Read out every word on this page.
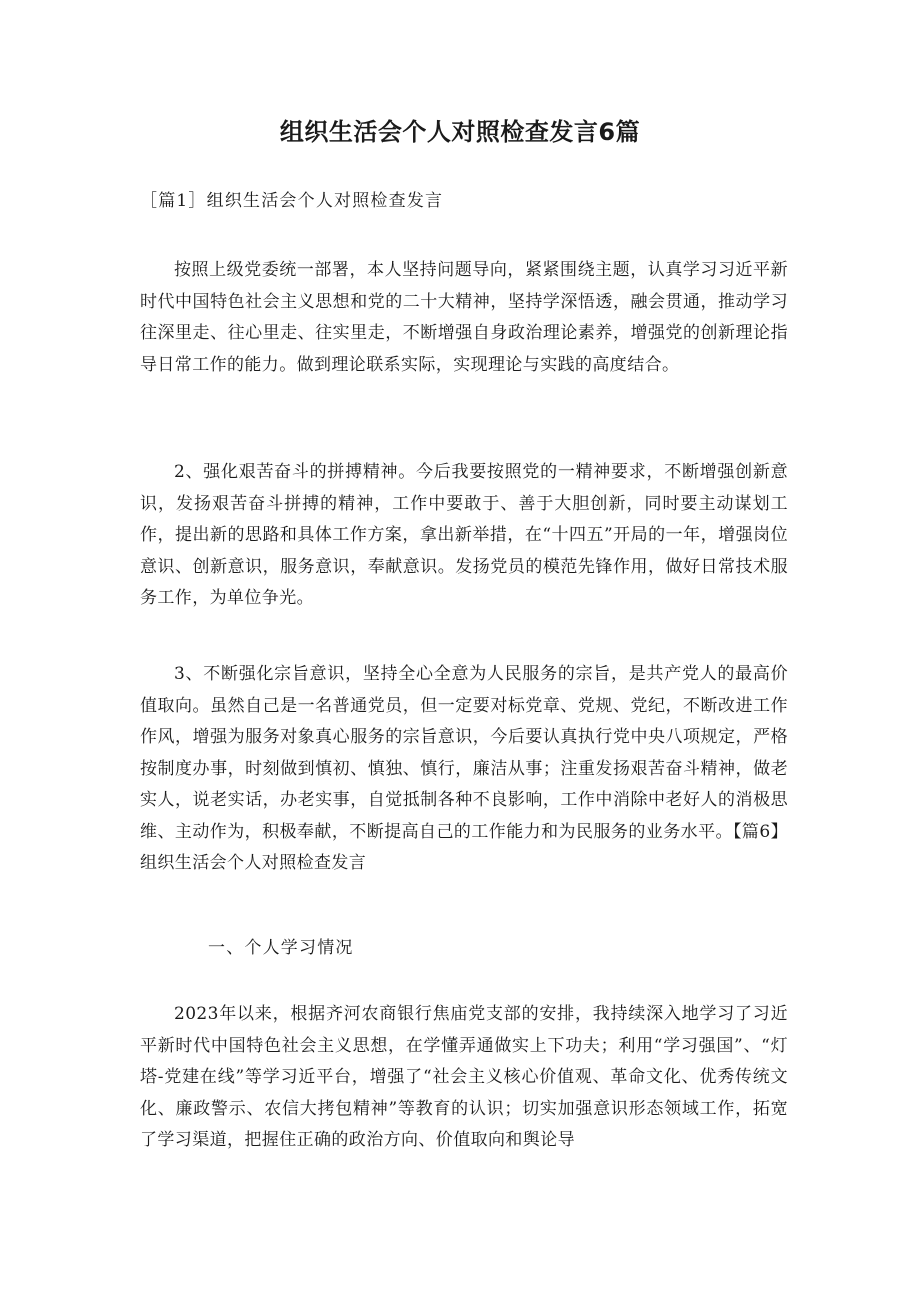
组织生活会个人对照检查发言6篇

［篇1］组织生活会个人对照检查发言

按照上级党委统一部署，本人坚持问题导向，紧紧围绕主题，认真学习习近平新时代中国特色社会主义思想和党的二十大精神，坚持学深悟透，融会贯通，推动学习往深里走、往心里走、往实里走，不断增强自身政治理论素养，增强党的创新理论指导日常工作的能力。做到理论联系实际，实现理论与实践的高度结合。

2、强化艰苦奋斗的拼搏精神。今后我要按照党的一精神要求，不断增强创新意识，发扬艰苦奋斗拼搏的精神，工作中要敢于、善于大胆创新，同时要主动谋划工作，提出新的思路和具体工作方案，拿出新举措，在“十四五”开局的一年，增强岗位意识、创新意识，服务意识，奉献意识。发扬党员的模范先锋作用，做好日常技术服务工作，为单位争光。

3、不断强化宗旨意识，坚持全心全意为人民服务的宗旨，是共产党人的最高价值取向。虽然自己是一名普通党员，但一定要对标党章、党规、党纪，不断改进工作作风，增强为服务对象真心服务的宗旨意识，今后要认真执行党中央八项规定，严格按制度办事，时刻做到慎初、慎独、慎行，廉洁从事；注重发扬艰苦奋斗精神，做老实人，说老实话，办老实事，自觉抵制各种不良影响，工作中消除中老好人的消极思维、主动作为，积极奉献，不断提高自己的工作能力和为民服务的业务水平。【篇6】组织生活会个人对照检查发言

一、个人学习情况

2023年以来，根据齐河农商银行焦庙党支部的安排，我持续深入地学习了习近平新时代中国特色社会主义思想，在学懂弄通做实上下功夫；利用“学习强国”、“灯塔-党建在线”等学习近平台，增强了“社会主义核心价值观、革命文化、优秀传统文化、廉政警示、农信大拷包精神”等教育的认识；切实加强意识形态领域工作，拓宽了学习渠道，把握住正确的政治方向、价值取向和舆论导
